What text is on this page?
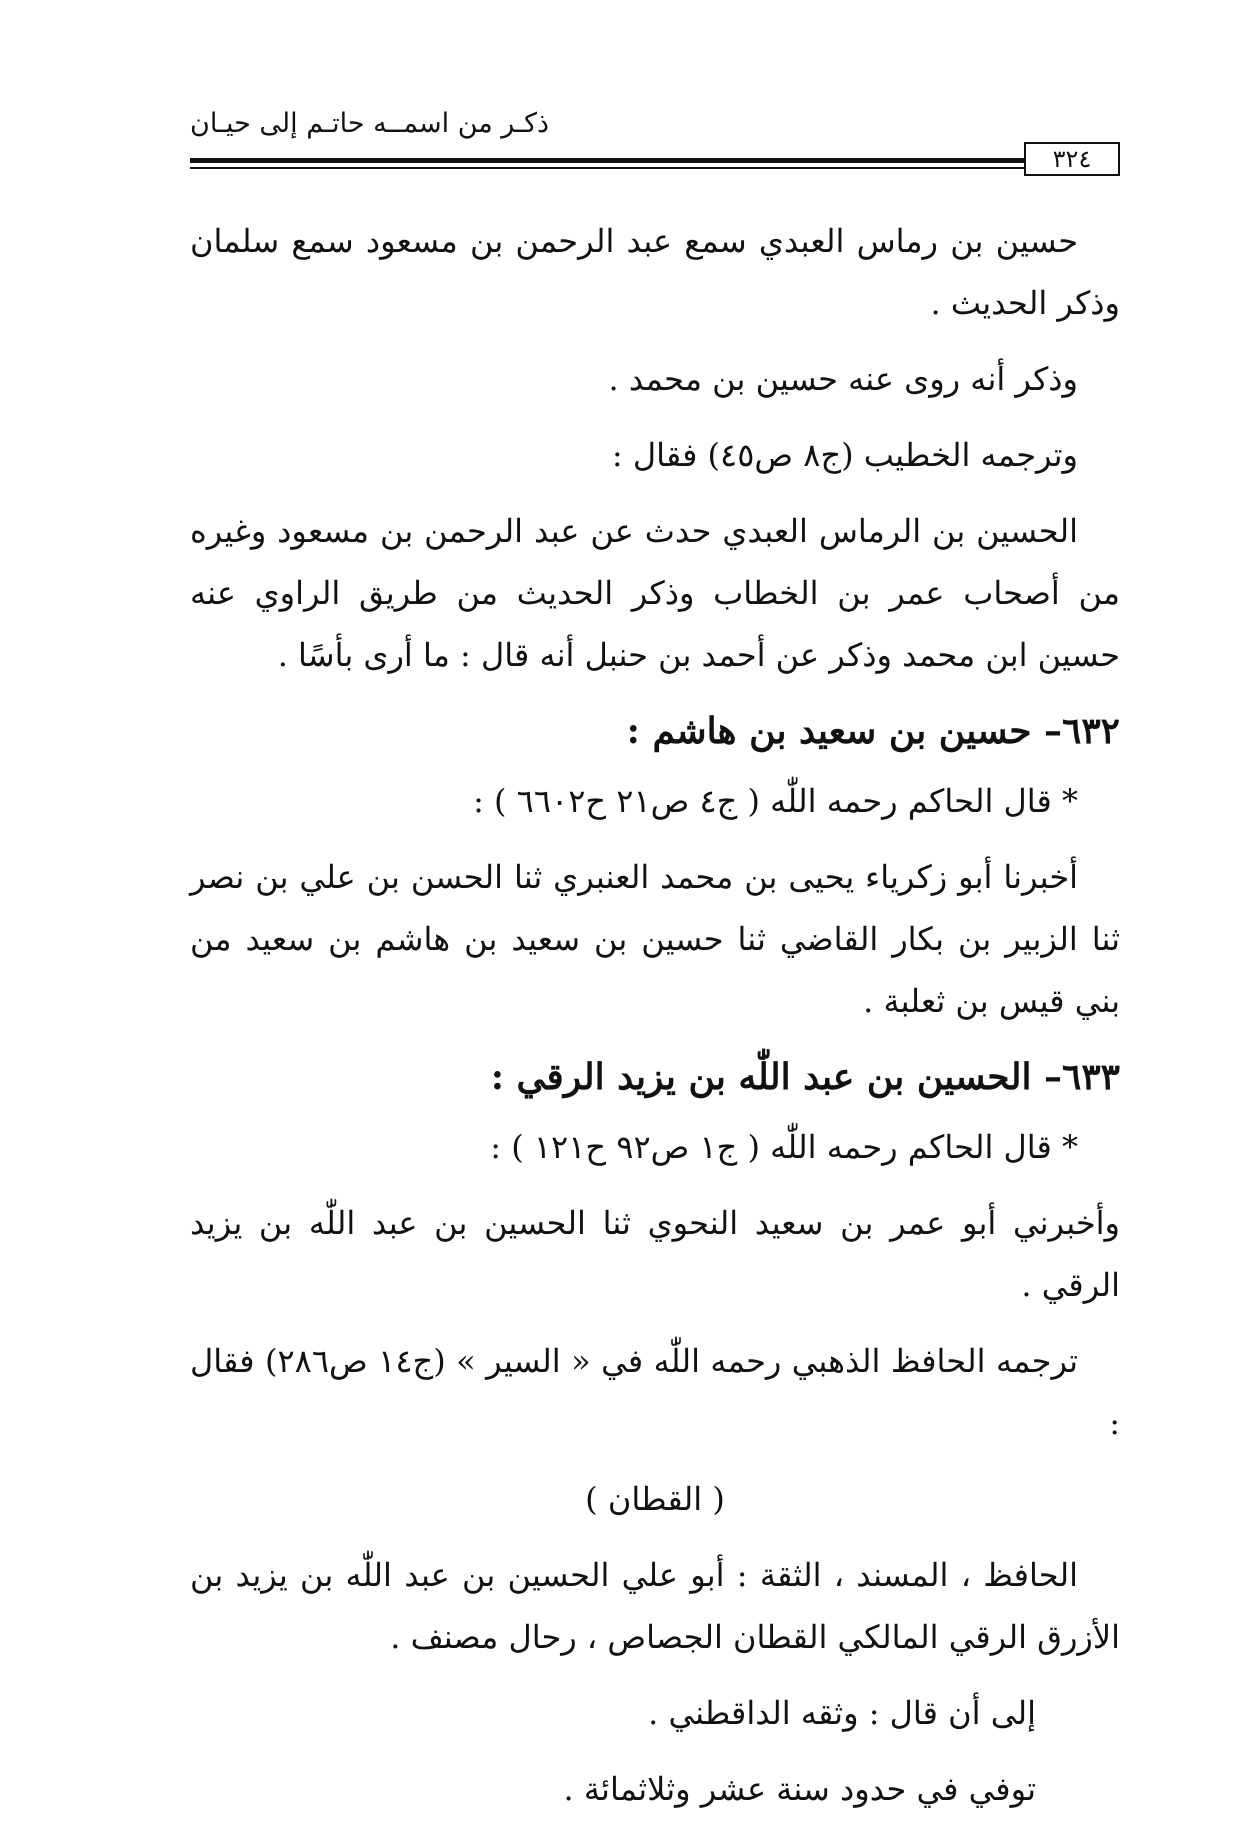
ذكـر من اسمــه حاتـم إلى حيـان
٣٢٤

حسين بن رماس العبدي سمع عبد الرحمن بن مسعود سمع سلمان وذكر الحديث .

وذكر أنه روى عنه حسين بن محمد .

وترجمه الخطيب (ج٨ ص٤٥) فقال :

الحسين بن الرماس العبدي حدث عن عبد الرحمن بن مسعود وغيره من أصحاب عمر بن الخطاب وذكر الحديث من طريق الراوي عنه حسين ابن محمد وذكر عن أحمد بن حنبل أنه قال : ما أرى بأسًا .

٦٣٢– حسين بن سعيد بن هاشم :

* قال الحاكم رحمه اللّٰه ( ج٤ ص٢١ ح٦٦٠٢ ) :

أخبرنا أبو زكرياء يحيى بن محمد العنبري ثنا الحسن بن علي بن نصر ثنا الزبير بن بكار القاضي ثنا حسين بن سعيد بن هاشم بن سعيد من بني قيس بن ثعلبة .

٦٣٣– الحسين بن عبد اللّٰه بن يزيد الرقي :

* قال الحاكم رحمه اللّٰه ( ج١ ص٩٢ ح١٢١ ) :

وأخبرني أبو عمر بن سعيد النحوي ثنا الحسين بن عبد اللّٰه بن يزيد الرقي .

ترجمه الحافظ الذهبي رحمه اللّٰه في « السير » (ج١٤ ص٢٨٦) فقال :

( القطان )

الحافظ ، المسند ، الثقة : أبو علي الحسين بن عبد اللّٰه بن يزيد بن الأزرق الرقي المالكي القطان الجصاص ، رحال مصنف .

إلى أن قال : وثقه الداقطني .

توفي في حدود سنة عشر وثلاثمائة .
